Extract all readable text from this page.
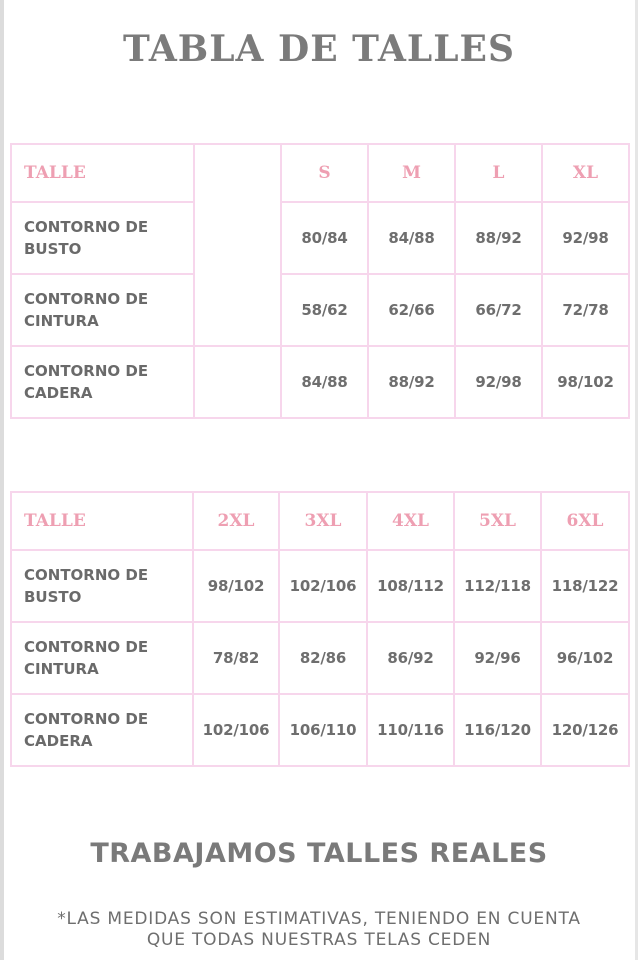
TABLA DE TALLES
TALLE		S	M	L	XL
CONTORNO DE BUSTO		80/84	84/88	88/92	92/98
CONTORNO DE CINTURA		58/62	62/66	66/72	72/78
CONTORNO DE CADERA		84/88	88/92	92/98	98/102
TALLE	2XL	3XL	4XL	5XL	6XL
CONTORNO DE BUSTO	98/102	102/106	108/112	112/118	118/122
CONTORNO DE CINTURA	78/82	82/86	86/92	92/96	96/102
CONTORNO DE CADERA	102/106	106/110	110/116	116/120	120/126
TRABAJAMOS TALLES REALES

*LAS MEDIDAS SON ESTIMATIVAS, TENIENDO EN CUENTA QUE TODAS NUESTRAS TELAS CEDEN
